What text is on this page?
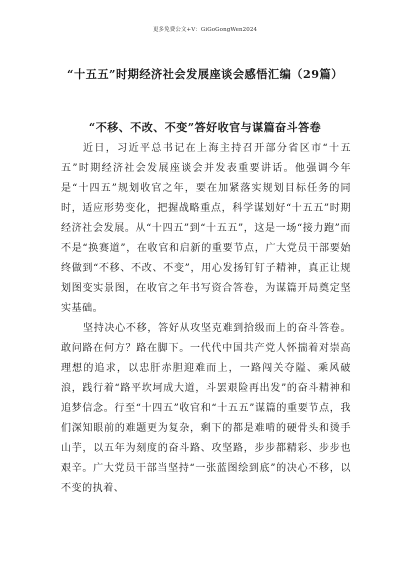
更多免费公文+V：GiGoGongWen2024
“十五五”时期经济社会发展座谈会感悟汇编（29篇）
“不移、不改、不变”答好收官与谋篇奋斗答卷

近日，习近平总书记在上海主持召开部分省区市“十五五”时期经济社会发展座谈会并发表重要讲话。他强调今年是“十四五”规划收官之年，要在加紧落实规划目标任务的同时，适应形势变化，把握战略重点，科学谋划好“十五五”时期经济社会发展。从“十四五”到“十五五”，这是一场“接力跑”而不是“换赛道”，在收官和启新的重要节点，广大党员干部要始终做到“不移、不改、不变”，用心发扬钉钉子精神，真正让规划图变实景图，在收官之年书写资合答卷，为谋篇开局奠定坚实基础。

坚持决心不移，答好从攻坚克难到拾级而上的奋斗答卷。敢问路在何方？路在脚下。一代代中国共产党人怀揣着对崇高理想的追求，以忠肝赤胆迎难而上，一路闯关夺隘、乘风破浪，践行着“路平坎坷成大道，斗罢艰险再出发”的奋斗精神和追梦信念。行至“十四五”收官和“十五五”谋篇的重要节点，我们深知眼前的难题更为复杂，剩下的都是难啃的硬骨头和烫手山芋，以五年为刻度的奋斗路、攻坚路，步步都精彩、步步也艰辛。广大党员干部当坚持“一张蓝图绘到底”的决心不移，以不变的执着、
